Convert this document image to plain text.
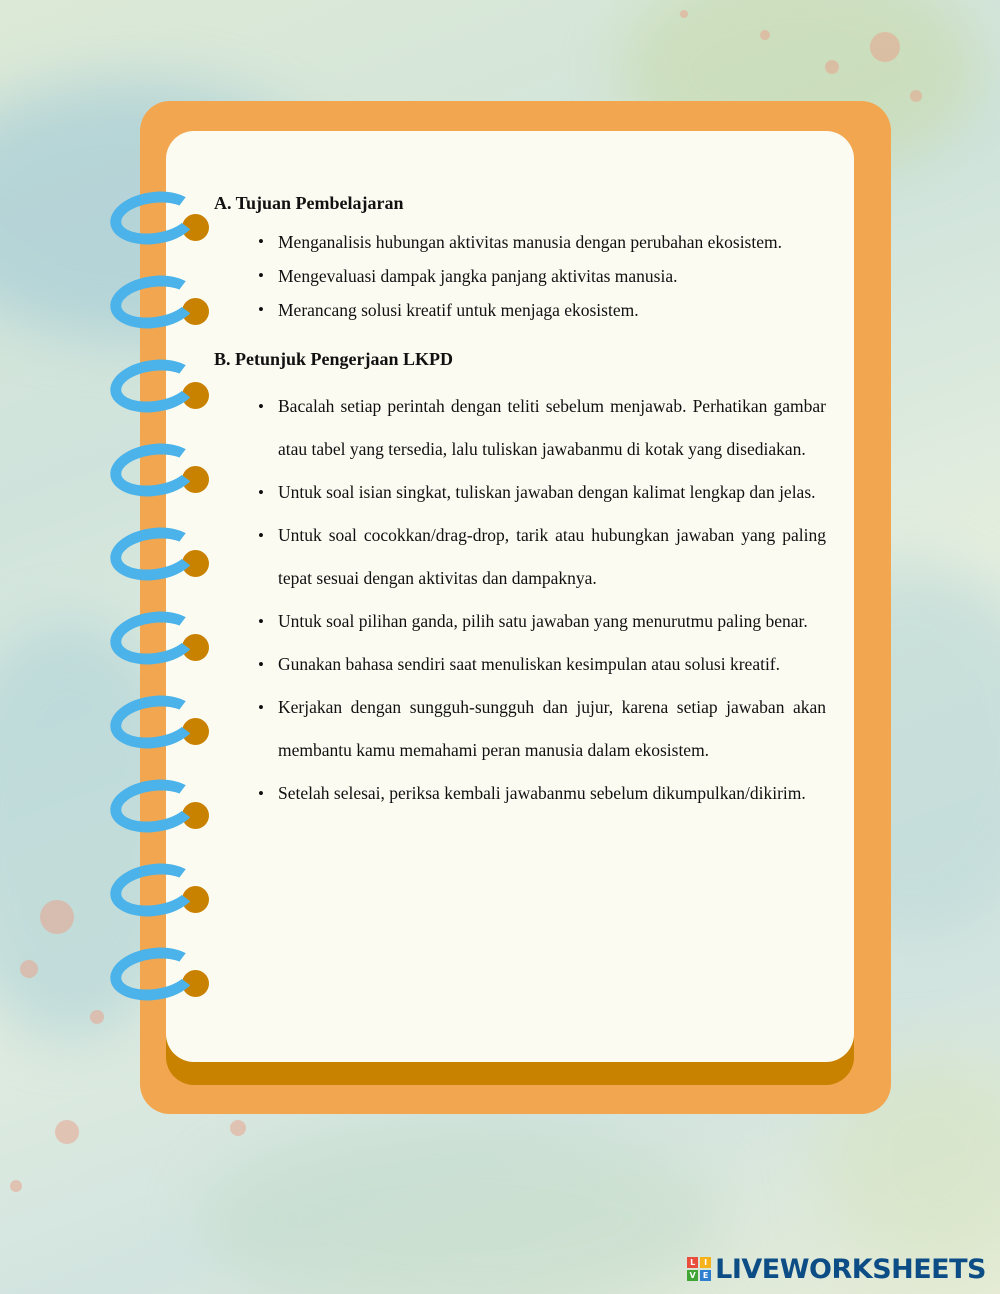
A. Tujuan Pembelajaran

• Menganalisis hubungan aktivitas manusia dengan perubahan ekosistem.
• Mengevaluasi dampak jangka panjang aktivitas manusia.
• Merancang solusi kreatif untuk menjaga ekosistem.

B. Petunjuk Pengerjaan LKPD

• Bacalah setiap perintah dengan teliti sebelum menjawab. Perhatikan gambar atau tabel yang tersedia, lalu tuliskan jawabanmu di kotak yang disediakan.
• Untuk soal isian singkat, tuliskan jawaban dengan kalimat lengkap dan jelas.
• Untuk soal cocokkan/drag-drop, tarik atau hubungkan jawaban yang paling tepat sesuai dengan aktivitas dan dampaknya.
• Untuk soal pilihan ganda, pilih satu jawaban yang menurutmu paling benar.
• Gunakan bahasa sendiri saat menuliskan kesimpulan atau solusi kreatif.
• Kerjakan dengan sungguh-sungguh dan jujur, karena setiap jawaban akan membantu kamu memahami peran manusia dalam ekosistem.
• Setelah selesai, periksa kembali jawabanmu sebelum dikumpulkan/dikirim.
L	I
V E LIVEWORKSHEETS
